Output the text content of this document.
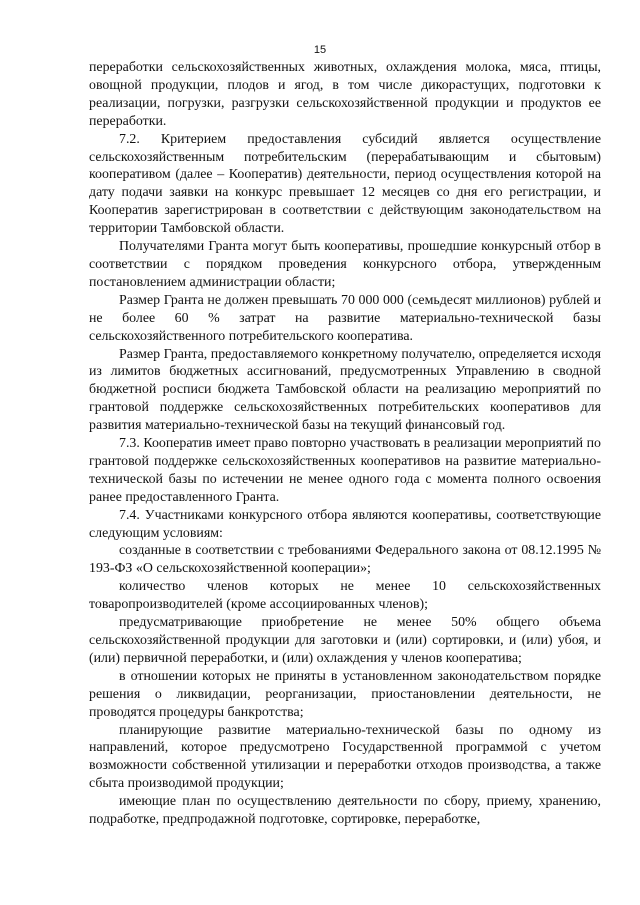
15

переработки сельскохозяйственных животных, охлаждения молока, мяса, птицы, овощной продукции, плодов и ягод, в том числе дикорастущих, подготовки к реализации, погрузки, разгрузки сельскохозяйственной продукции и продуктов ее переработки.

7.2. Критерием предоставления субсидий является осуществление сельскохозяйственным потребительским (перерабатывающим и сбытовым) кооперативом (далее – Кооператив) деятельности, период осуществления которой на дату подачи заявки на конкурс превышает 12 месяцев со дня его регистрации, и Кооператив зарегистрирован в соответствии с действующим законодательством на территории Тамбовской области.

Получателями Гранта могут быть кооперативы, прошедшие конкурсный отбор в соответствии с порядком проведения конкурсного отбора, утвержденным постановлением администрации области;

Размер Гранта не должен превышать 70 000 000 (семьдесят миллионов) рублей и не более 60 % затрат на развитие материально-технической базы сельскохозяйственного потребительского кооператива.

Размер Гранта, предоставляемого конкретному получателю, определяется исходя из лимитов бюджетных ассигнований, предусмотренных Управлению в сводной бюджетной росписи бюджета Тамбовской области на реализацию мероприятий по грантовой поддержке сельскохозяйственных потребительских кооперативов для развития материально-технической базы на текущий финансовый год.

7.3. Кооператив имеет право повторно участвовать в реализации мероприятий по грантовой поддержке сельскохозяйственных кооперативов на развитие материально-технической базы по истечении не менее одного года с момента полного освоения ранее предоставленного Гранта.

7.4. Участниками конкурсного отбора являются кооперативы, соответствующие следующим условиям:

созданные в соответствии с требованиями Федерального закона от 08.12.1995 № 193-ФЗ «О сельскохозяйственной кооперации»;

количество членов которых не менее 10 сельскохозяйственных товаропроизводителей (кроме ассоциированных членов);

предусматривающие приобретение не менее 50% общего объема сельскохозяйственной продукции для заготовки и (или) сортировки, и (или) убоя, и (или) первичной переработки, и (или) охлаждения у членов кооператива;

в отношении которых не приняты в установленном законодательством порядке решения о ликвидации, реорганизации, приостановлении деятельности, не проводятся процедуры банкротства;

планирующие развитие материально-технической базы по одному из направлений, которое предусмотрено Государственной программой с учетом возможности собственной утилизации и переработки отходов производства, а также сбыта производимой продукции;

имеющие план по осуществлению деятельности по сбору, приему, хранению, подработке, предпродажной подготовке, сортировке, переработке,
